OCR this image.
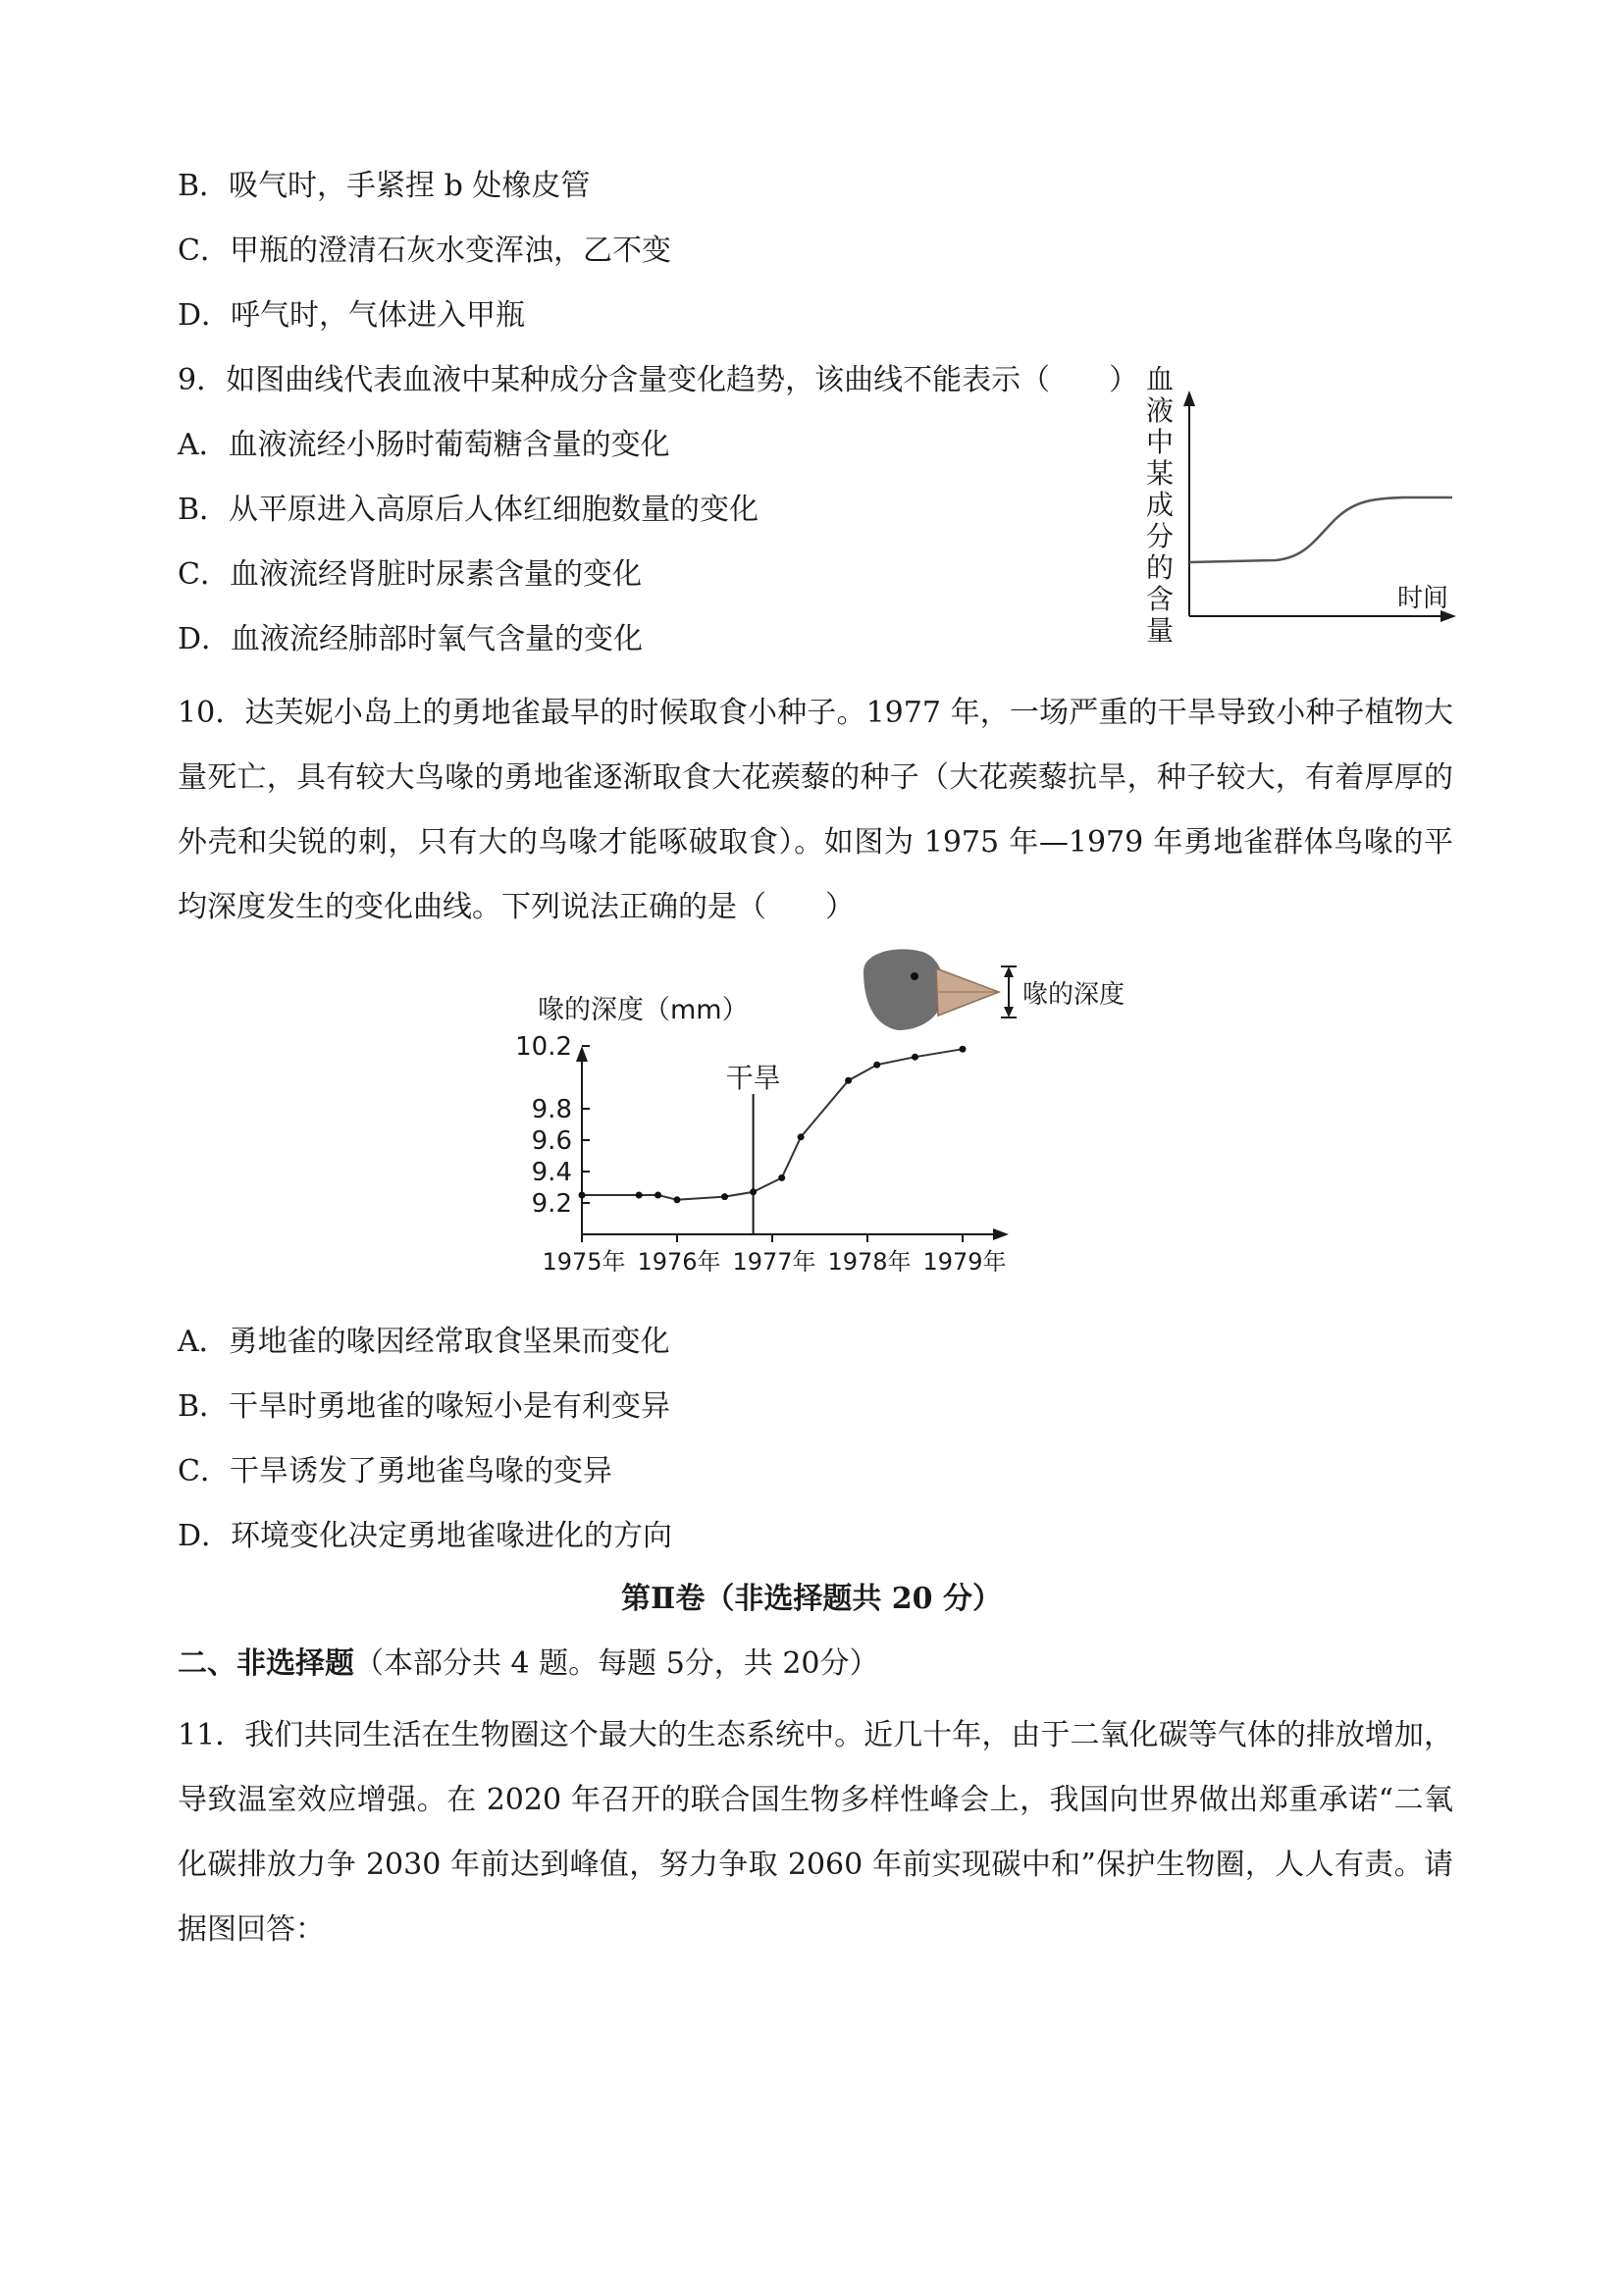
B．吸气时，手紧捏 b 处橡皮管
C．甲瓶的澄清石灰水变浑浊，乙不变
D．呼气时，气体进入甲瓶
9．如图曲线代表血液中某种成分含量变化趋势，该曲线不能表示（　　）
A．血液流经小肠时葡萄糖含量的变化
B．从平原进入高原后人体红细胞数量的变化
C．血液流经肾脏时尿素含量的变化
D．血液流经肺部时氧气含量的变化
血
液
中
某
成
分
的
含
量
时间
10．达芙妮小岛上的勇地雀最早的时候取食小种子。1977 年，一场严重的干旱导致小种子植物大量死亡，具有较大鸟喙的勇地雀逐渐取食大花蒺藜的种子（大花蒺藜抗旱，种子较大，有着厚厚的外壳和尖锐的刺，只有大的鸟喙才能啄破取食）。如图为 1975 年—1979 年勇地雀群体鸟喙的平均深度发生的变化曲线。下列说法正确的是（　　）
喙的深度
喙的深度（mm）
10.2
9.8
9.6
9.4
9.2
1975年 1976年 1977年 1978年 1979年
干旱
A．勇地雀的喙因经常取食坚果而变化
B．干旱时勇地雀的喙短小是有利变异
C．干旱诱发了勇地雀鸟喙的变异
D．环境变化决定勇地雀喙进化的方向
第Ⅱ卷（非选择题共 20 分）
二、非选择题（本部分共 4 题。每题 5分，共 20分）
11．我们共同生活在生物圈这个最大的生态系统中。近几十年，由于二氧化碳等气体的排放增加，导致温室效应增强。在 2020 年召开的联合国生物多样性峰会上，我国向世界做出郑重承诺“二氧化碳排放力争 2030 年前达到峰值，努力争取 2060 年前实现碳中和”保护生物圈，人人有责。请据图回答：
